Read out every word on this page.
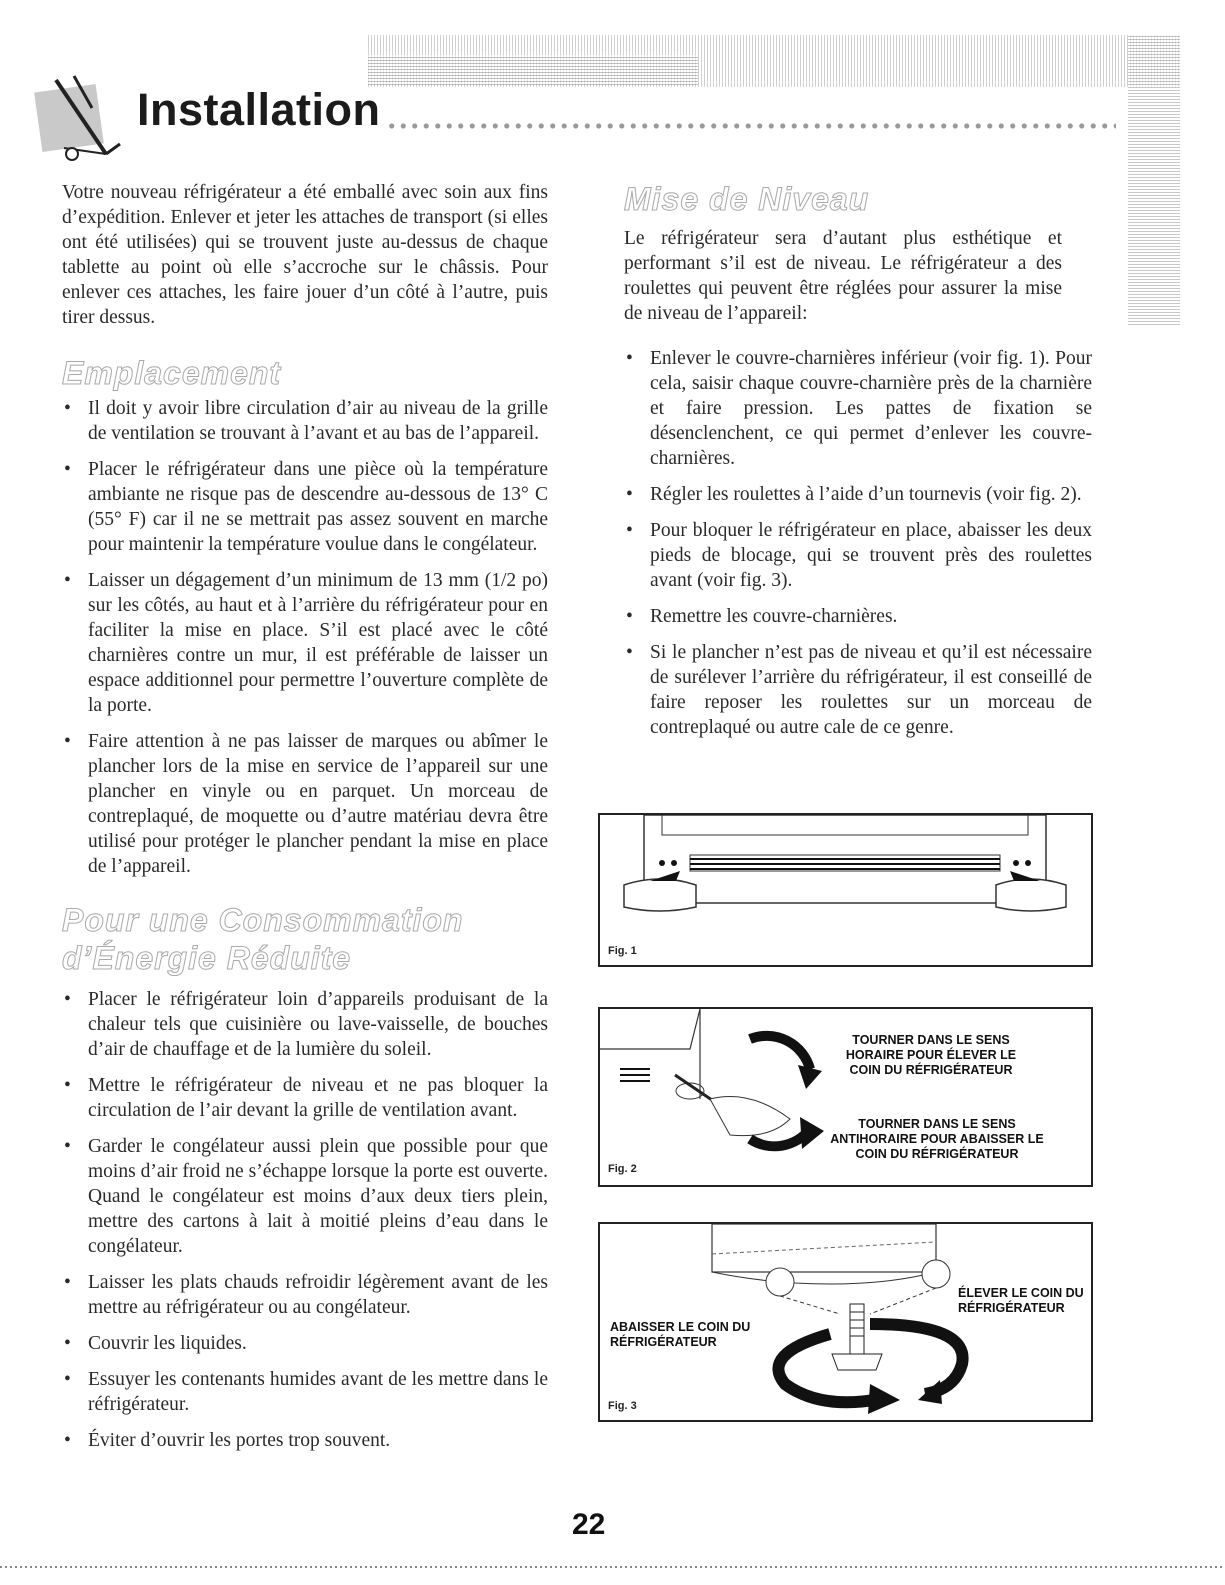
Installation

Votre nouveau réfrigérateur a été emballé avec soin aux fins d’expédition. Enlever et jeter les attaches de transport (si elles ont été utilisées) qui se trouvent juste au-dessus de chaque tablette au point où elle s’accroche sur le châssis. Pour enlever ces attaches, les faire jouer d’un côté à l’autre, puis tirer dessus.

Emplacement
• Il doit y avoir libre circulation d’air au niveau de la grille de ventilation se trouvant à l’avant et au bas de l’appareil.
• Placer le réfrigérateur dans une pièce où la température ambiante ne risque pas de descendre au-dessous de 13° C (55° F) car il ne se mettrait pas assez souvent en marche pour maintenir la température voulue dans le congélateur.
• Laisser un dégagement d’un minimum de 13 mm (1/2 po) sur les côtés, au haut et à l’arrière du réfrigérateur pour en faciliter la mise en place. S’il est placé avec le côté charnières contre un mur, il est préférable de laisser un espace additionnel pour permettre l’ouverture complète de la porte.
• Faire attention à ne pas laisser de marques ou abîmer le plancher lors de la mise en service de l’appareil sur une plancher en vinyle ou en parquet. Un morceau de contreplaqué, de moquette ou d’autre matériau devra être utilisé pour protéger le plancher pendant la mise en place de l’appareil.
Pour une Consommation
d’Énergie Réduite
• Placer le réfrigérateur loin d’appareils produisant de la chaleur tels que cuisinière ou lave-vaisselle, de bouches d’air de chauffage et de la lumière du soleil.
• Mettre le réfrigérateur de niveau et ne pas bloquer la circulation de l’air devant la grille de ventilation avant.
• Garder le congélateur aussi plein que possible pour que moins d’air froid ne s’échappe lorsque la porte est ouverte. Quand le congélateur est moins d’aux deux tiers plein, mettre des cartons à lait à moitié pleins d’eau dans le congélateur.
• Laisser les plats chauds refroidir légèrement avant de les mettre au réfrigérateur ou au congélateur.
• Couvrir les liquides.
• Essuyer les contenants humides avant de les mettre dans le réfrigérateur.
• Éviter d’ouvrir les portes trop souvent.
Mise de Niveau

Le réfrigérateur sera d’autant plus esthétique et performant s’il est de niveau. Le réfrigérateur a des roulettes qui peuvent être réglées pour assurer la mise de niveau de l’appareil:

• Enlever le couvre-charnières inférieur (voir fig. 1). Pour cela, saisir chaque couvre-charnière près de la charnière et faire pression. Les pattes de fixation se désenclenchent, ce qui permet d’enlever les couvre-charnières.
• Régler les roulettes à l’aide d’un tournevis (voir fig. 2).
• Pour bloquer le réfrigérateur en place, abaisser les deux pieds de blocage, qui se trouvent près des roulettes avant (voir fig. 3).
• Remettre les couvre-charnières.
• Si le plancher n’est pas de niveau et qu’il est nécessaire de surélever l’arrière du réfrigérateur, il est conseillé de faire reposer les roulettes sur un morceau de contreplaqué ou autre cale de ce genre.
Fig. 1
TOURNER DANS LE SENS HORAIRE POUR ÉLEVER LE COIN DU RÉFRIGÉRATEUR
TOURNER DANS LE SENS ANTIHORAIRE POUR ABAISSER LE COIN DU RÉFRIGÉRATEUR
Fig. 2
ABAISSER LE COIN DU RÉFRIGÉRATEUR
ÉLEVER LE COIN DU RÉFRIGÉRATEUR
Fig. 3
22
